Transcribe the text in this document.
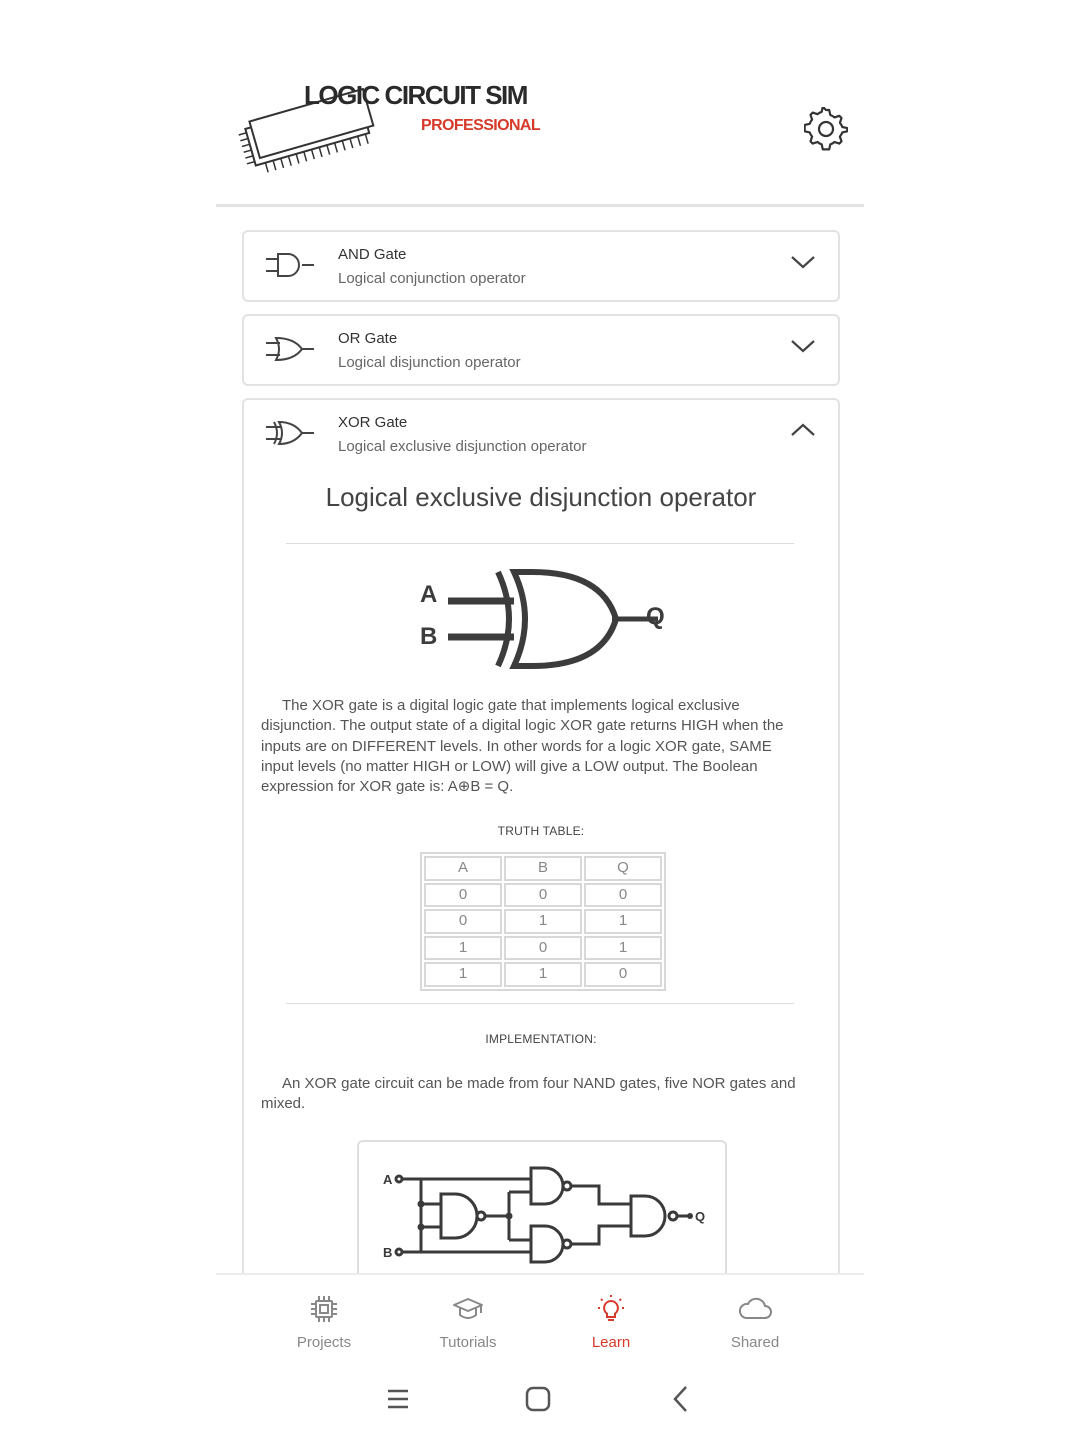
LOGIC CIRCUIT SIM
PROFESSIONAL
AND Gate
Logical conjunction operator
OR Gate
Logical disjunction operator
XOR Gate
Logical exclusive disjunction operator
Logical exclusive disjunction operator
A
B
Q

The XOR gate is a digital logic gate that implements logical exclusive disjunction. The output state of a digital logic XOR gate returns HIGH when the inputs are on DIFFERENT levels. In other words for a logic XOR gate, SAME input levels (no matter HIGH or LOW) will give a LOW output. The Boolean expression for XOR gate is: A⊕B = Q.

TRUTH TABLE:
A	B	Q
0	0	0
0	1	1
1	0	1
1	1	0
IMPLEMENTATION:

An XOR gate circuit can be made from four NAND gates, five NOR gates and mixed.

A
B
Q
Projects	Tutorials	Learn	Shared
